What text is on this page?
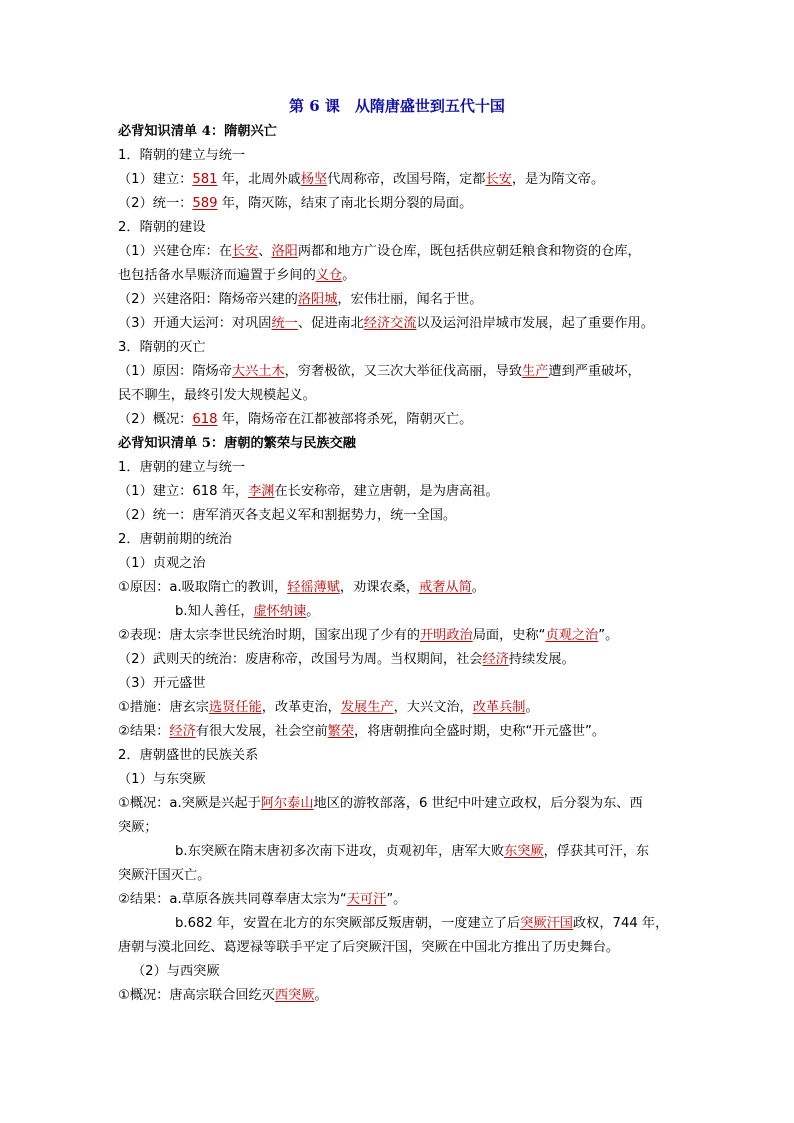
第 6 课　从隋唐盛世到五代十国
必背知识清单 4：隋朝兴亡
1．隋朝的建立与统一
（1）建立：581 年，北周外戚杨坚代周称帝，改国号隋，定都长安，是为隋文帝。
（2）统一：589 年，隋灭陈，结束了南北长期分裂的局面。
2．隋朝的建设
（1）兴建仓库：在长安、洛阳两都和地方广设仓库，既包括供应朝廷粮食和物资的仓库，
也包括备水旱赈济而遍置于乡间的义仓。
（2）兴建洛阳：隋炀帝兴建的洛阳城，宏伟壮丽，闻名于世。
（3）开通大运河：对巩固统一、促进南北经济交流以及运河沿岸城市发展，起了重要作用。
3．隋朝的灭亡
（1）原因：隋炀帝大兴土木，穷奢极欲，又三次大举征伐高丽，导致生产遭到严重破坏，
民不聊生，最终引发大规模起义。
（2）概况：618 年，隋炀帝在江都被部将杀死，隋朝灭亡。
必背知识清单 5：唐朝的繁荣与民族交融
1．唐朝的建立与统一
（1）建立：618 年，李渊在长安称帝，建立唐朝，是为唐高祖。
（2）统一：唐军消灭各支起义军和割据势力，统一全国。
2．唐朝前期的统治
（1）贞观之治
①原因：a.吸取隋亡的教训，轻徭薄赋，劝课农桑，戒奢从简。
b.知人善任，虚怀纳谏。
②表现：唐太宗李世民统治时期，国家出现了少有的开明政治局面，史称“贞观之治”。
（2）武则天的统治：废唐称帝，改国号为周。当权期间，社会经济持续发展。
（3）开元盛世
①措施：唐玄宗选贤任能，改革吏治，发展生产，大兴文治，改革兵制。
②结果：经济有很大发展，社会空前繁荣，将唐朝推向全盛时期，史称“开元盛世”。
2．唐朝盛世的民族关系
（1）与东突厥
①概况：a.突厥是兴起于阿尔泰山地区的游牧部落，6 世纪中叶建立政权，后分裂为东、西
突厥；
b.东突厥在隋末唐初多次南下进攻，贞观初年，唐军大败东突厥，俘获其可汗，东
突厥汗国灭亡。
②结果：a.草原各族共同尊奉唐太宗为“天可汗”。
b.682 年，安置在北方的东突厥部反叛唐朝，一度建立了后突厥汗国政权，744 年，
唐朝与漠北回纥、葛逻禄等联手平定了后突厥汗国，突厥在中国北方推出了历史舞台。
（2）与西突厥
①概况：唐高宗联合回纥灭西突厥。
